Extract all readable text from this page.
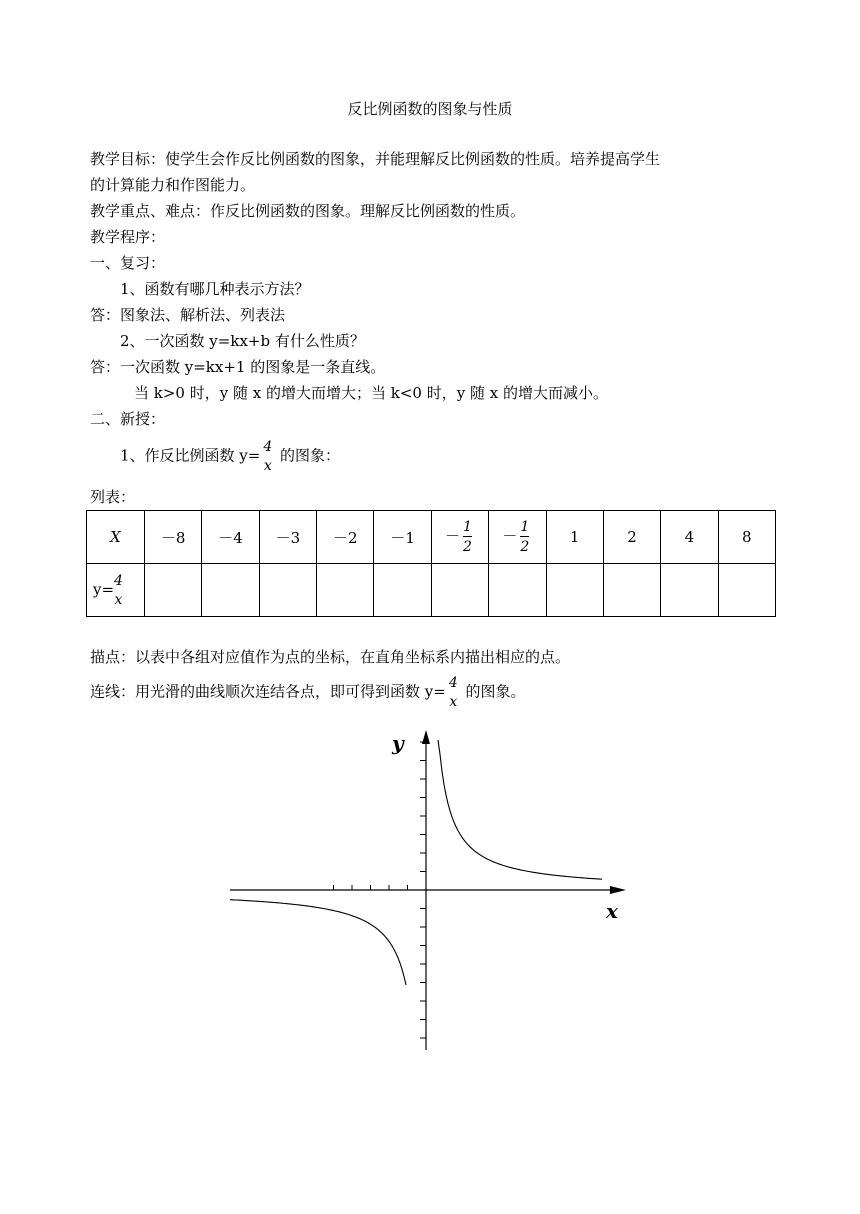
反比例函数的图象与性质
教学目标：使学生会作反比例函数的图象，并能理解反比例函数的性质。培养提高学生
的计算能力和作图能力。
教学重点、难点：作反比例函数的图象。理解反比例函数的性质。
教学程序：
一、复习：
1、函数有哪几种表示方法？
答：图象法、解析法、列表法
2、一次函数 y=kx+b 有什么性质？
答：一次函数 y=kx+1 的图象是一条直线。
当 k>0 时，y 随 x 的增大而增大；当 k<0 时，y 随 x 的增大而减小。
二、新授：
1、作反比例函数 y= 4
x
的图象：
列表：
X	－8	－4	－3	－2	－1	－ $\frac{1}{2}$	－ $\frac{1}{2}$	1	2	4	8
y= 4
x											

描点：以表中各组对应值作为点的坐标，在直角坐标系内描出相应的点。
连线：用光滑的曲线顺次连结各点，即可得到函数 y= 4
x
的图象。
x
y
